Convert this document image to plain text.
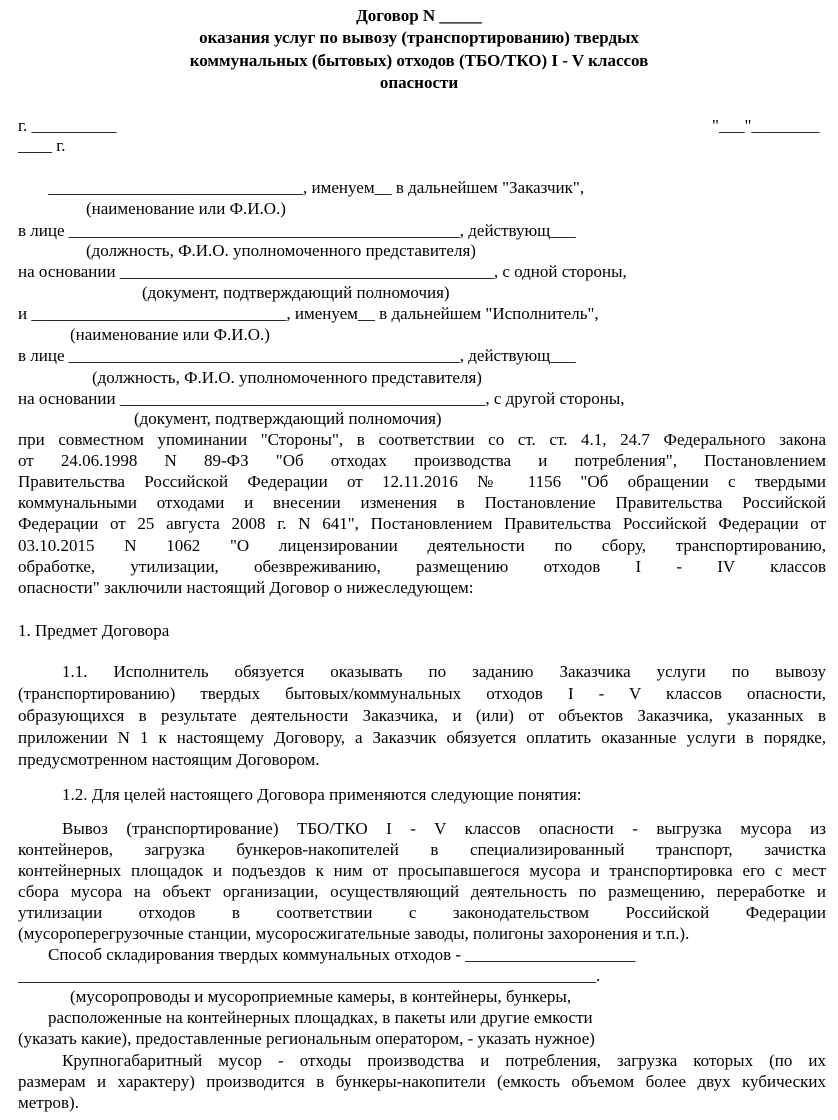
Договор N _____
оказания услуг по вывозу (транспортированию) твердых
коммунальных (бытовых) отходов (ТБО/ТКО) I - V классов
опасности
г. __________	"___"________
____ г.
______________________________, именуем__ в дальнейшем "Заказчик",
(наименование или Ф.И.О.)
в лице ______________________________________________, действующ___
(должность, Ф.И.О. уполномоченного представителя)
на основании ____________________________________________, с одной стороны,
(документ, подтверждающий полномочия)
и ______________________________, именуем__ в дальнейшем "Исполнитель",
(наименование или Ф.И.О.)
в лице ______________________________________________, действующ___
(должность, Ф.И.О. уполномоченного представителя)
на основании ___________________________________________, с другой стороны,
(документ, подтверждающий полномочия)
при совместном упоминании "Стороны", в соответствии со ст. ст. 4.1, 24.7 Федерального закона
от 24.06.1998 N 89-ФЗ "Об отходах производства и потребления", Постановлением
Правительства Российской Федерации от 12.11.2016 № 1156 "Об обращении с твердыми
коммунальными отходами и внесении изменения в Постановление Правительства Российской
Федерации от 25 августа 2008 г. N 641", Постановлением Правительства Российской Федерации от
03.10.2015 N 1062 "О лицензировании деятельности по сбору, транспортированию,
обработке, утилизации, обезвреживанию, размещению отходов I - IV классов
опасности" заключили настоящий Договор о нижеследующем:
1. Предмет Договора
1.1. Исполнитель обязуется оказывать по заданию Заказчика услуги по вывозу
(транспортированию) твердых бытовых/коммунальных отходов I - V классов опасности,
образующихся в результате деятельности Заказчика, и (или) от объектов Заказчика, указанных в
приложении N 1 к настоящему Договору, а Заказчик обязуется оплатить оказанные услуги в порядке,
предусмотренном настоящим Договором.
1.2. Для целей настоящего Договора применяются следующие понятия:
Вывоз (транспортирование) ТБО/ТКО I - V классов опасности - выгрузка мусора из
контейнеров, загрузка бункеров-накопителей в специализированный транспорт, зачистка
контейнерных площадок и подъездов к ним от просыпавшегося мусора и транспортировка его с мест
сбора мусора на объект организации, осуществляющий деятельность по размещению, переработке и
утилизации отходов в соответствии с законодательством Российской Федерации
(мусороперегрузочные станции, мусоросжигательные заводы, полигоны захоронения и т.п.).
Способ складирования твердых коммунальных отходов - ____________________
____________________________________________________________________.
(мусоропроводы и мусороприемные камеры, в контейнеры, бункеры,
расположенные на контейнерных площадках, в пакеты или другие емкости
(указать какие), предоставленные региональным оператором, - указать нужное)
Крупногабаритный мусор - отходы производства и потребления, загрузка которых (по их
размерам и характеру) производится в бункеры-накопители (емкость объемом более двух кубических
метров).
